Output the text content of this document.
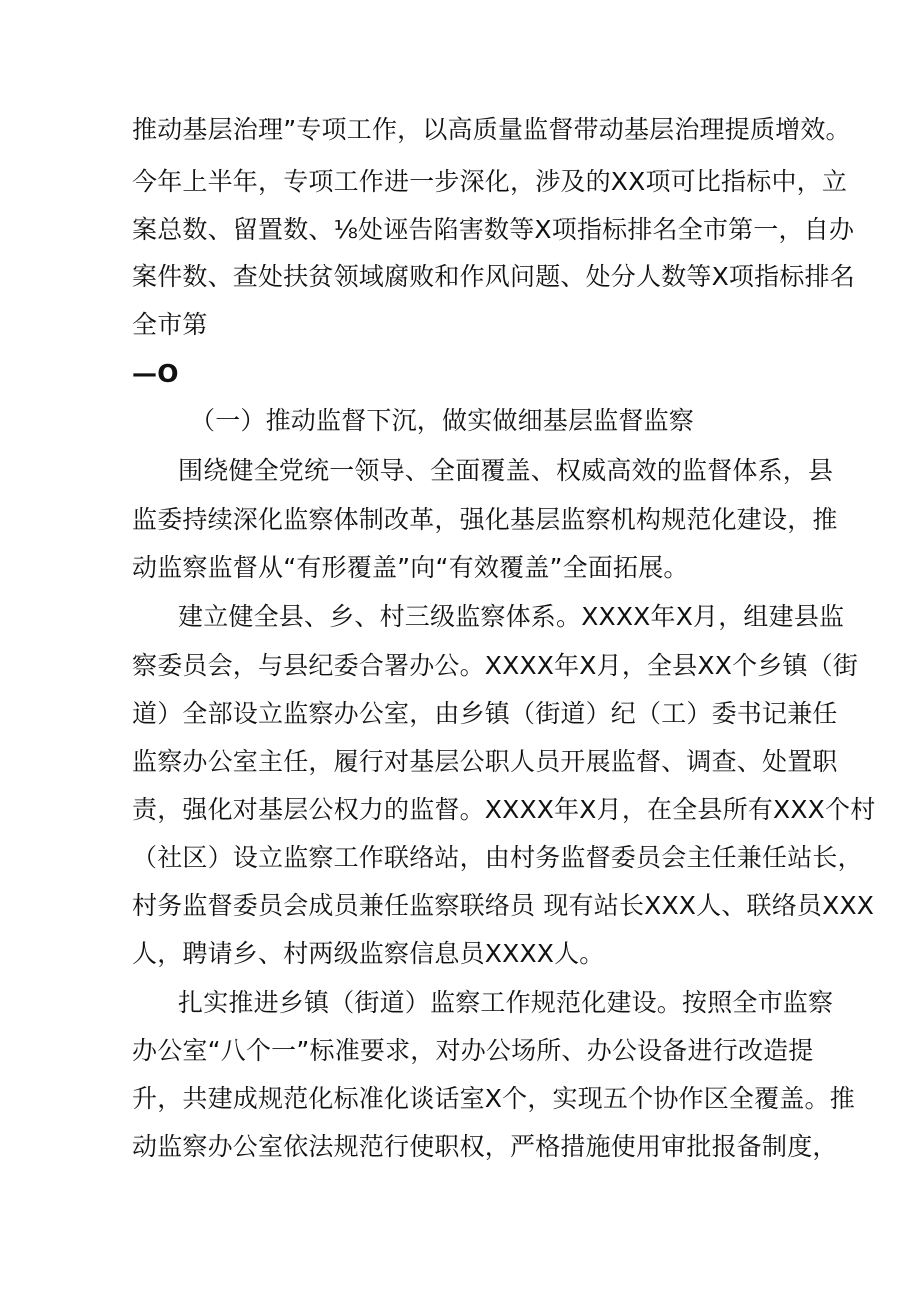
推动基层治理”专项工作，以高质量监督带动基层治理提质增效。
今年上半年，专项工作进一步深化，涉及的XX项可比指标中，立
案总数、留置数、⅛处诬告陷害数等X项指标排名全市第一，自办
案件数、查处扶贫领域腐败和作风问题、处分人数等X项指标排名
全市第
—O
（一）推动监督下沉，做实做细基层监督监察
围绕健全党统一领导、全面覆盖、权威高效的监督体系，县
监委持续深化监察体制改革，强化基层监察机构规范化建设，推
动监察监督从“有形覆盖”向“有效覆盖”全面拓展。
建立健全县、乡、村三级监察体系。XXXX年X月，组建县监
察委员会，与县纪委合署办公。XXXX年X月，全县XX个乡镇（街
道）全部设立监察办公室，由乡镇（街道）纪（工）委书记兼任
监察办公室主任，履行对基层公职人员开展监督、调查、处置职
责，强化对基层公权力的监督。XXXX年X月，在全县所有XXX个村
（社区）设立监察工作联络站，由村务监督委员会主任兼任站长，
村务监督委员会成员兼任监察联络员 现有站长XXX人、联络员XXX
人，聘请乡、村两级监察信息员XXXX人。
扎实推进乡镇（街道）监察工作规范化建设。按照全市监察
办公室“八个一”标准要求，对办公场所、办公设备进行改造提
升，共建成规范化标准化谈话室X个，实现五个协作区全覆盖。推
动监察办公室依法规范行使职权，严格措施使用审批报备制度，
